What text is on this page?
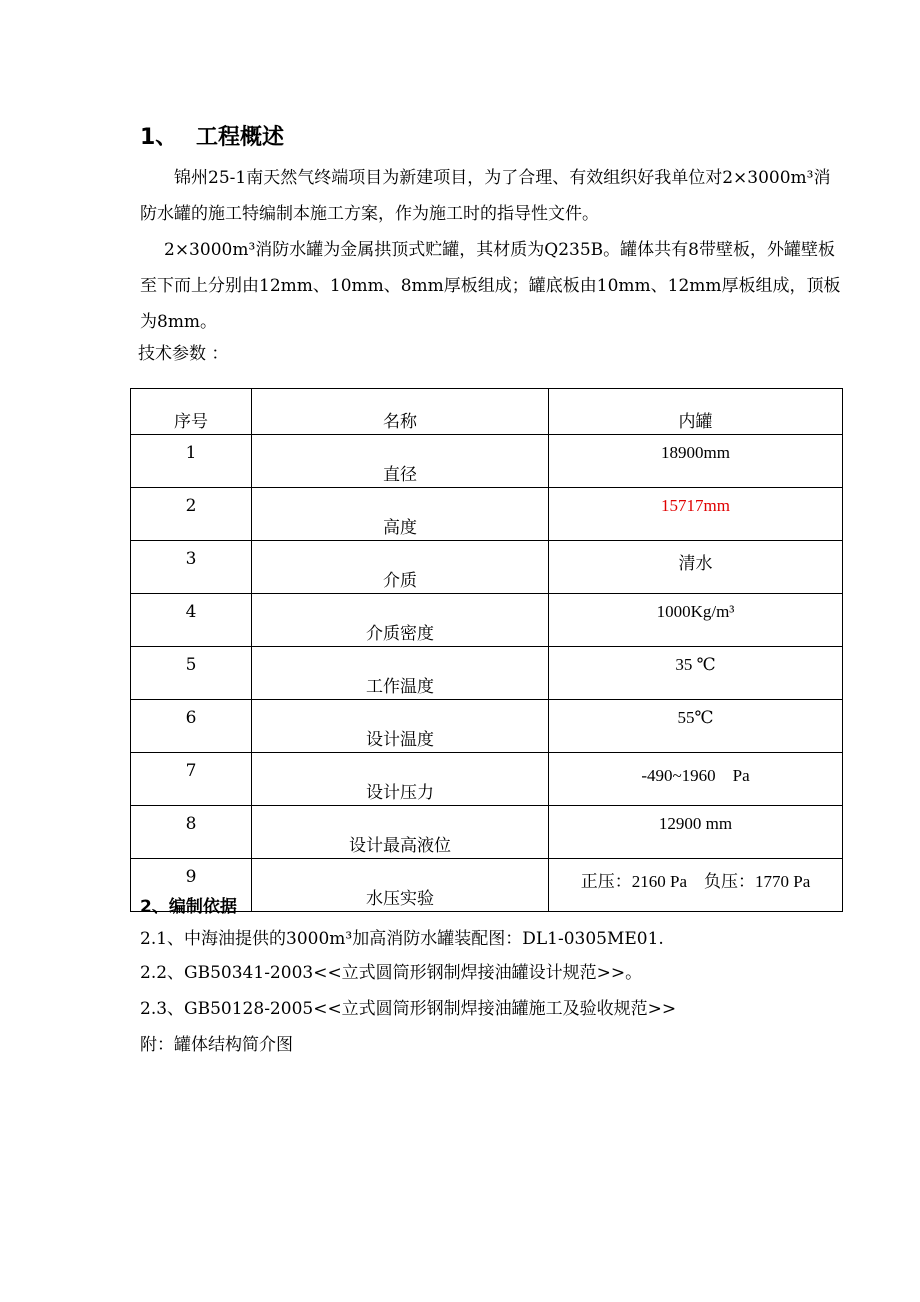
1、 工程概述
锦州25-1南天然气终端项目为新建项目，为了合理、有效组织好我单位对2×3000m³消防水罐的施工特编制本施工方案，作为施工时的指导性文件。
2×3000m³消防水罐为金属拱顶式贮罐，其材质为Q235B。罐体共有8带壁板，外罐壁板至下而上分别由12mm、10mm、8mm厚板组成；罐底板由10mm、12mm厚板组成，顶板为8mm。
技术参数 ：
序号	名称	内罐
1	直径	18900mm
2	高度	15717mm
3	介质	清水
4	介质密度	1000Kg/m³
5	工作温度	35 ℃
6	设计温度	55℃
7	设计压力	-490~1960　Pa
8	设计最高液位	12900 mm
9	水压实验	正压：2160 Pa　负压：1770 Pa
2、编制依据
2.1、中海油提供的3000m³加高消防水罐装配图：DL1-0305ME01.
2.2、GB50341-2003<<立式圆筒形钢制焊接油罐设计规范>>。
2.3、GB50128-2005<<立式圆筒形钢制焊接油罐施工及验收规范>>
附：罐体结构简介图
